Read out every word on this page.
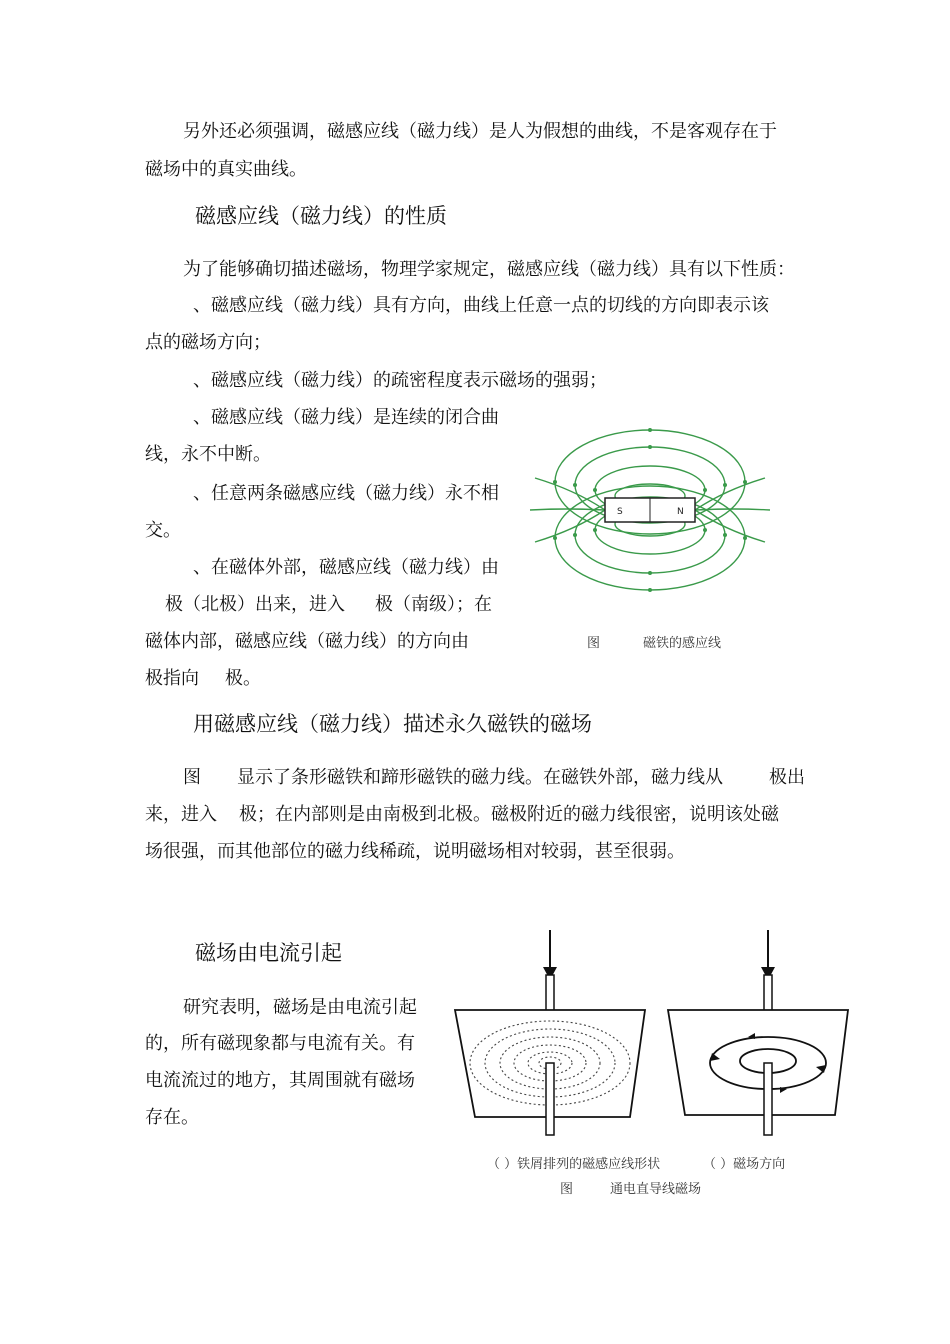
另外还必须强调，磁感应线（磁力线）是人为假想的曲线，不是客观存在于
磁场中的真实曲线。
磁感应线（磁力线）的性质
为了能够确切描述磁场，物理学家规定，磁感应线（磁力线）具有以下性质：
、磁感应线（磁力线）具有方向，曲线上任意一点的切线的方向即表示该
点的磁场方向；
、磁感应线（磁力线）的疏密程度表示磁场的强弱；
、磁感应线（磁力线）是连续的闭合曲
线，永不中断。
、任意两条磁感应线（磁力线）永不相
交。
、在磁体外部，磁感应线（磁力线）由
极（北极）出来，进入 极（南级）；在
磁体内部，磁感应线（磁力线）的方向由
极指向 极。
S	N
图	磁铁的感应线
用磁感应线（磁力线）描述永久磁铁的磁场
图 显示了条形磁铁和蹄形磁铁的磁力线。在磁铁外部，磁力线从	极出
来，进入 极；在内部则是由南极到北极。磁极附近的磁力线很密，说明该处磁
场很强，而其他部位的磁力线稀疏，说明磁场相对较弱，甚至很弱。
磁场由电流引起
研究表明，磁场是由电流引起
的，所有磁现象都与电流有关。有
电流流过的地方，其周围就有磁场
存在。
（ ）铁屑排列的磁感应线形状	（ ）磁场方向
图	通电直导线磁场
